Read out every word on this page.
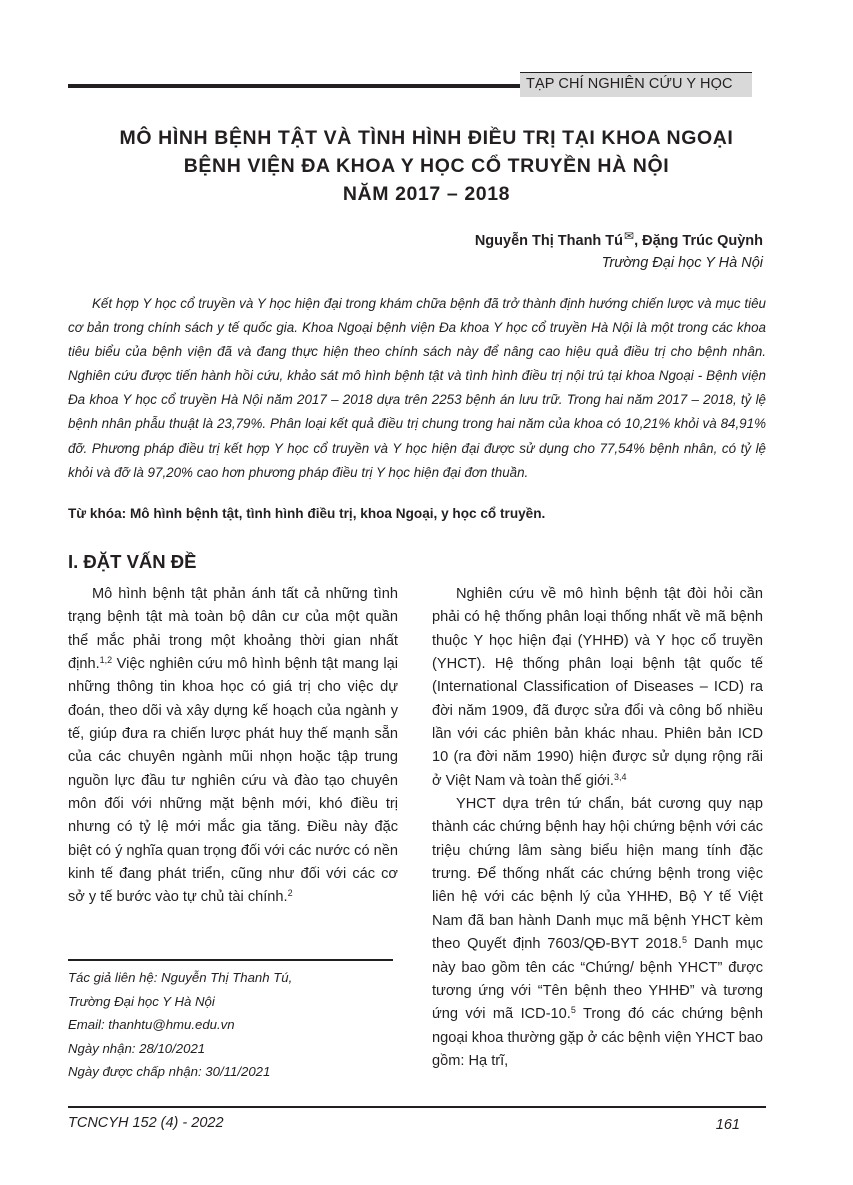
TẠP CHÍ NGHIÊN CỨU Y HỌC
MÔ HÌNH BỆNH TẬT VÀ TÌNH HÌNH ĐIỀU TRỊ TẠI KHOA NGOẠI
BỆNH VIỆN ĐA KHOA Y HỌC CỔ TRUYỀN HÀ NỘI
NĂM 2017 – 2018
Nguyễn Thị Thanh Tú✉, Đặng Trúc Quỳnh
Trường Đại học Y Hà Nội

Kết hợp Y học cổ truyền và Y học hiện đại trong khám chữa bệnh đã trở thành định hướng chiến lược và mục tiêu cơ bản trong chính sách y tế quốc gia. Khoa Ngoại bệnh viện Đa khoa Y học cổ truyền Hà Nội là một trong các khoa tiêu biểu của bệnh viện đã và đang thực hiện theo chính sách này để nâng cao hiệu quả điều trị cho bệnh nhân. Nghiên cứu được tiến hành hồi cứu, khảo sát mô hình bệnh tật và tình hình điều trị nội trú tại khoa Ngoại - Bệnh viện Đa khoa Y học cổ truyền Hà Nội năm 2017 – 2018 dựa trên 2253 bệnh án lưu trữ. Trong hai năm 2017 – 2018, tỷ lệ bệnh nhân phẫu thuật là 23,79%. Phân loại kết quả điều trị chung trong hai năm của khoa có 10,21% khỏi và 84,91% đỡ. Phương pháp điều trị kết hợp Y học cổ truyền và Y học hiện đại được sử dụng cho 77,54% bệnh nhân, có tỷ lệ khỏi và đỡ là 97,20% cao hơn phương pháp điều trị Y học hiện đại đơn thuần.

Từ khóa: Mô hình bệnh tật, tình hình điều trị, khoa Ngoại, y học cổ truyền.
I. ĐẶT VẤN ĐỀ

Mô hình bệnh tật phản ánh tất cả những tình trạng bệnh tật mà toàn bộ dân cư của một quần thể mắc phải trong một khoảng thời gian nhất định.$^{1,2}$ Việc nghiên cứu mô hình bệnh tật mang lại những thông tin khoa học có giá trị cho việc dự đoán, theo dõi và xây dựng kế hoạch của ngành y tế, giúp đưa ra chiến lược phát huy thế mạnh sẵn của các chuyên ngành mũi nhọn hoặc tập trung nguồn lực đầu tư nghiên cứu và đào tạo chuyên môn đối với những mặt bệnh mới, khó điều trị nhưng có tỷ lệ mới mắc gia tăng. Điều này đặc biệt có ý nghĩa quan trọng đối với các nước có nền kinh tế đang phát triển, cũng như đối với các cơ sở y tế bước vào tự chủ tài chính.$^2$

Nghiên cứu về mô hình bệnh tật đòi hỏi cần phải có hệ thống phân loại thống nhất về mã bệnh thuộc Y học hiện đại (YHHĐ) và Y học cổ truyền (YHCT). Hệ thống phân loại bệnh tật quốc tế (International Classification of Diseases – ICD) ra đời năm 1909, đã được sửa đổi và công bố nhiều lần với các phiên bản khác nhau. Phiên bản ICD 10 (ra đời năm 1990) hiện được sử dụng rộng rãi ở Việt Nam và toàn thế giới.$^{3,4}$

YHCT dựa trên tứ chẩn, bát cương quy nạp thành các chứng bệnh hay hội chứng bệnh với các triệu chứng lâm sàng biểu hiện mang tính đặc trưng. Để thống nhất các chứng bệnh trong việc liên hệ với các bệnh lý của YHHĐ, Bộ Y tế Việt Nam đã ban hành Danh mục mã bệnh YHCT kèm theo Quyết định 7603/QĐ-BYT 2018.$^5$ Danh mục này bao gồm tên các “Chứng/ bệnh YHCT” được tương ứng với “Tên bệnh theo YHHĐ” và tương ứng với mã ICD-10.$^5$ Trong đó các chứng bệnh ngoại khoa thường gặp ở các bệnh viện YHCT bao gồm: Hạ trĩ,

Tác giả liên hệ: Nguyễn Thị Thanh Tú,
Trường Đại học Y Hà Nội
Email: thanhtu@hmu.edu.vn
Ngày nhận: 28/10/2021
Ngày được chấp nhận: 30/11/2021
TCNCYH 152 (4) - 2022	161
